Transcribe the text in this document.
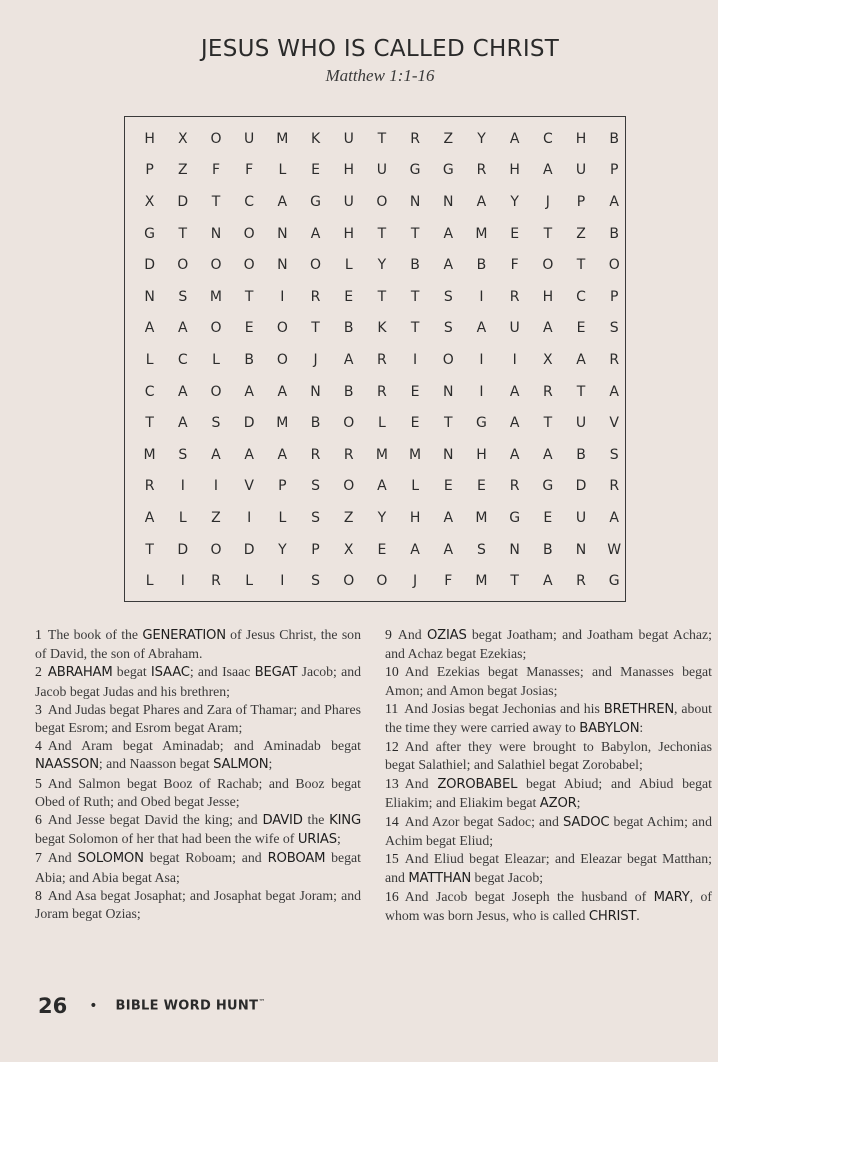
JESUS WHO IS CALLED CHRIST
Matthew 1:1-16
H	X	O	U	M	K	U	T	R	Z	Y	A	C	H	B
P	Z	F	F	L	E	H	U	G	G	R	H	A	U	P
X	D	T	C	A	G	U	O	N	N	A	Y	J	P	A
G	T	N	O	N	A	H	T	T	A	M	E	T	Z	B
D	O	O	O	N	O	L	Y	B	A	B	F	O	T	O
N	S	M	T	I	R	E	T	T	S	I	R	H	C	P
A	A	O	E	O	T	B	K	T	S	A	U	A	E	S
L	C	L	B	O	J	A	R	I	O	I	I	X	A	R
C	A	O	A	A	N	B	R	E	N	I	A	R	T	A
T	A	S	D	M	B	O	L	E	T	G	A	T	U	V
M	S	A	A	A	R	R	M	M	N	H	A	A	B	S
R	I	I	V	P	S	O	A	L	E	E	R	G	D	R
A	L	Z	I	L	S	Z	Y	H	A	M	G	E	U	A
T	D	O	D	Y	P	X	E	A	A	S	N	B	N	W
L	I	R	L	I	S	O	O	J	F	M	T	A	R	G

1 The book of the GENERATION of Jesus Christ, the son of David, the son of Abraham.

2 ABRAHAM begat ISAAC; and Isaac BEGAT Jacob; and Jacob begat Judas and his brethren;

3 And Judas begat Phares and Zara of Thamar; and Phares begat Esrom; and Esrom begat Aram;

4 And Aram begat Aminadab; and Aminadab begat NAASSON; and Naasson begat SALMON;

5 And Salmon begat Booz of Rachab; and Booz begat Obed of Ruth; and Obed begat Jesse;

6 And Jesse begat David the king; and DAVID the KING begat Solomon of her that had been the wife of URIAS;

7 And SOLOMON begat Roboam; and ROBOAM begat Abia; and Abia begat Asa;

8 And Asa begat Josaphat; and Josaphat begat Joram; and Joram begat Ozias;

9 And OZIAS begat Joatham; and Joatham begat Achaz; and Achaz begat Ezekias;

10 And Ezekias begat Manasses; and Manasses begat Amon; and Amon begat Josias;

11 And Josias begat Jechonias and his BRETHREN, about the time they were carried away to BABYLON:

12 And after they were brought to Babylon, Jechonias begat Salathiel; and Salathiel begat Zorobabel;

13 And ZOROBABEL begat Abiud; and Abiud begat Eliakim; and Eliakim begat AZOR;

14 And Azor begat Sadoc; and SADOC begat Achim; and Achim begat Eliud;

15 And Eliud begat Eleazar; and Eleazar begat Matthan; and MATTHAN begat Jacob;

16 And Jacob begat Joseph the husband of MARY, of whom was born Jesus, who is called CHRIST.

26 • BIBLE WORD HUNT™
